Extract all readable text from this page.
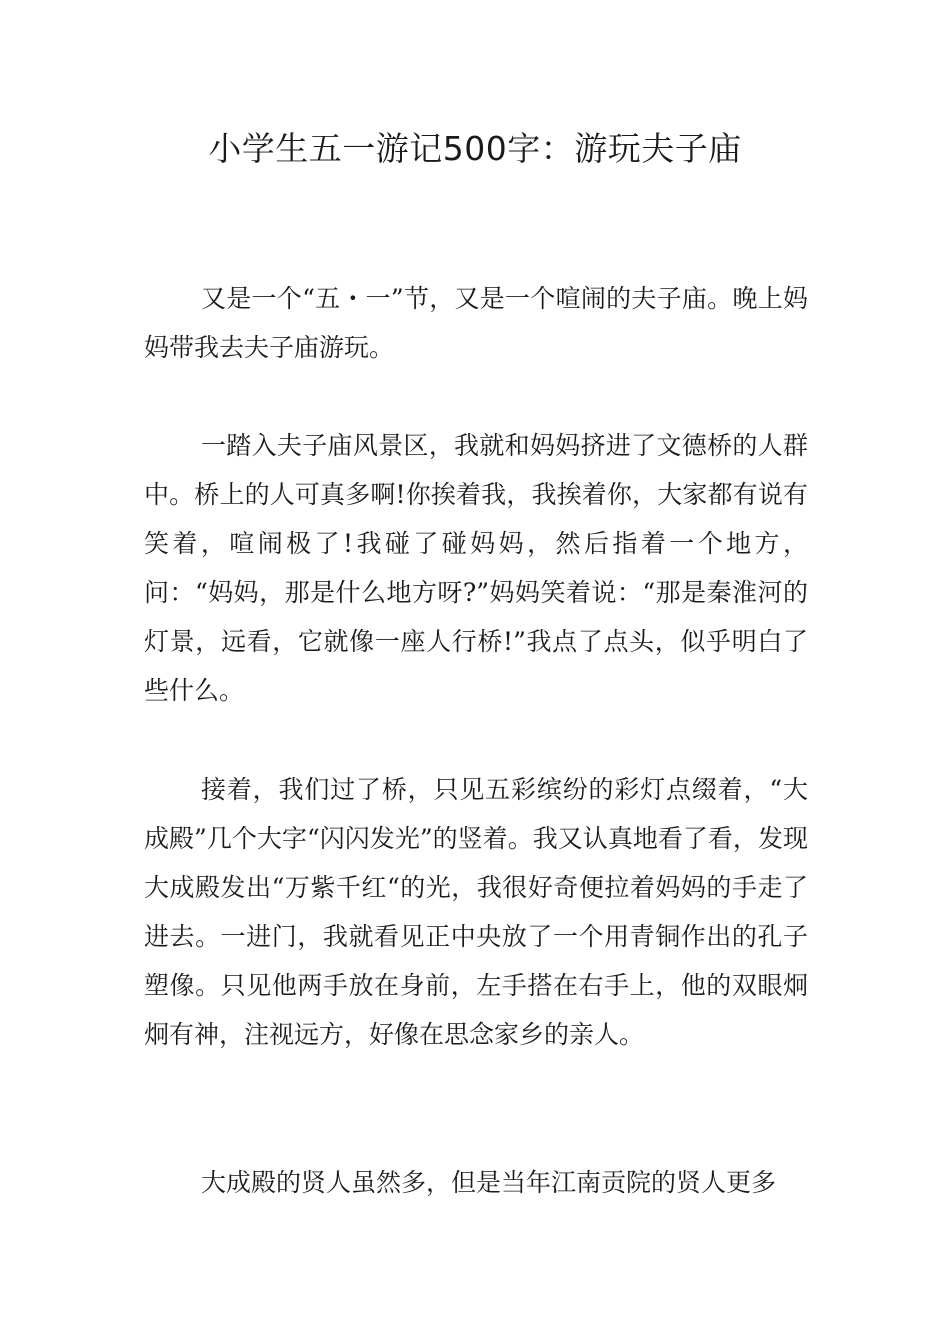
小学生五一游记500字：游玩夫子庙

又是一个“五・一”节，又是一个喧闹的夫子庙。晚上妈妈带我去夫子庙游玩。

一踏入夫子庙风景区，我就和妈妈挤进了文德桥的人群中。桥上的人可真多啊!你挨着我，我挨着你，大家都有说有笑着，喧闹极了!我碰了碰妈妈，然后指着一个地方，问：“妈妈，那是什么地方呀?”妈妈笑着说：“那是秦淮河的灯景，远看，它就像一座人行桥!”我点了点头，似乎明白了些什么。

接着，我们过了桥，只见五彩缤纷的彩灯点缀着，“大成殿”几个大字“闪闪发光”的竖着。我又认真地看了看，发现大成殿发出“万紫千红“的光，我很好奇便拉着妈妈的手走了进去。一进门，我就看见正中央放了一个用青铜作出的孔子塑像。只见他两手放在身前，左手搭在右手上，他的双眼炯炯有神，注视远方，好像在思念家乡的亲人。

大成殿的贤人虽然多，但是当年江南贡院的贤人更多
